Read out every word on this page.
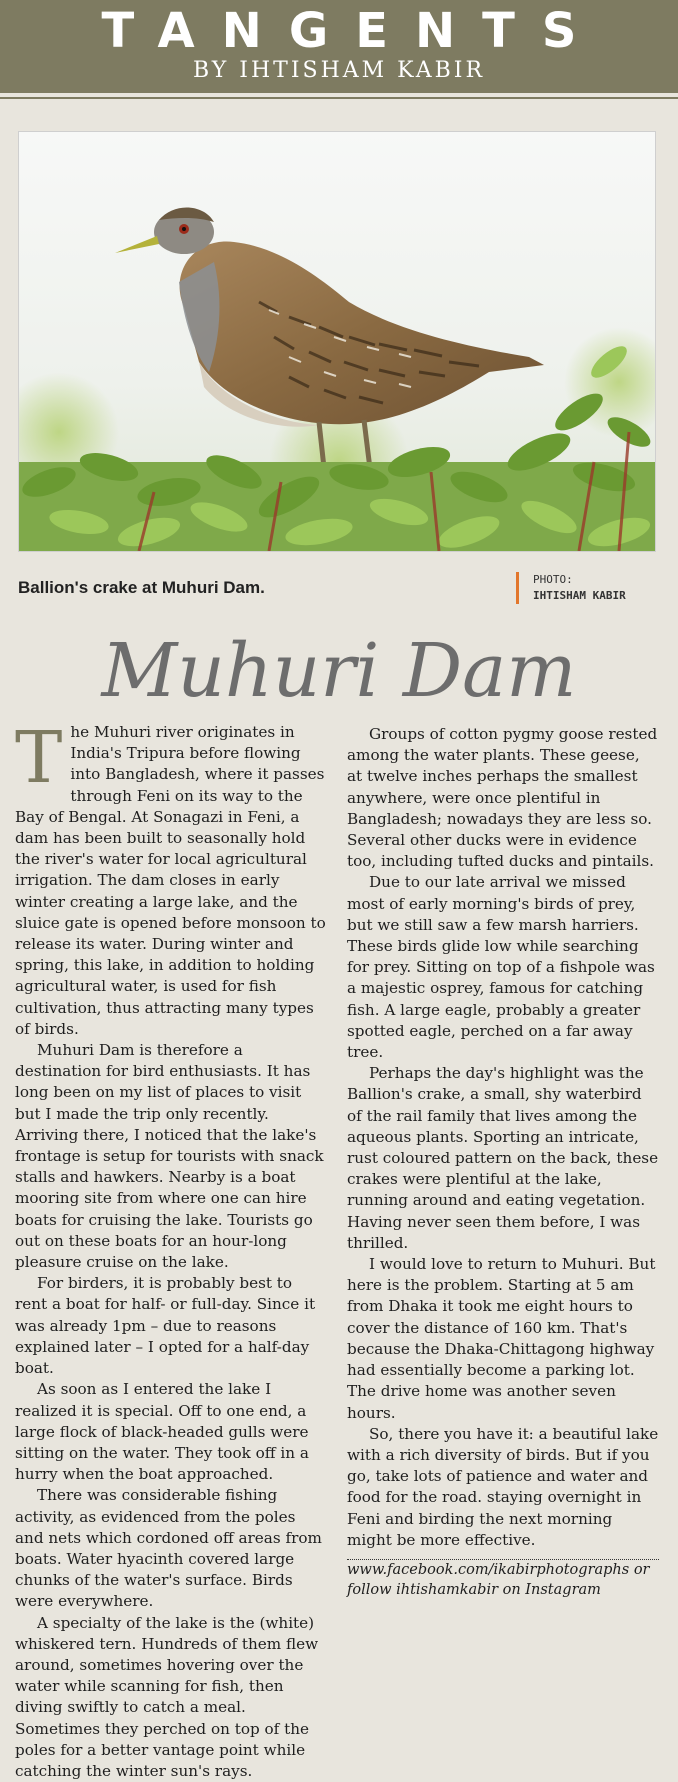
TANGENTS
BY IHTISHAM KABIR
Ballion's crake at Muhuri Dam.	PHOTO:
IHTISHAM KABIR
Muhuri Dam

The Muhuri river originates in India's Tripura before flowing into Bangladesh, where it passes through Feni on its way to the Bay of Bengal. At Sonagazi in Feni, a dam has been built to seasonally hold the river's water for local agricultural irrigation. The dam closes in early winter creating a large lake, and the sluice gate is opened before monsoon to release its water. During winter and spring, this lake, in addition to holding agricultural water, is used for fish cultivation, thus attracting many types of birds.

Muhuri Dam is therefore a destination for bird enthusiasts. It has long been on my list of places to visit but I made the trip only recently. Arriving there, I noticed that the lake's frontage is setup for tourists with snack stalls and hawkers. Nearby is a boat mooring site from where one can hire boats for cruising the lake. Tourists go out on these boats for an hour-long pleasure cruise on the lake.

For birders, it is probably best to rent a boat for half- or full-day. Since it was already 1pm – due to reasons explained later – I opted for a half-day boat.

As soon as I entered the lake I realized it is special. Off to one end, a large flock of black-headed gulls were sitting on the water. They took off in a hurry when the boat approached.

There was considerable fishing activity, as evidenced from the poles and nets which cordoned off areas from boats. Water hyacinth covered large chunks of the water's surface. Birds were everywhere.

A specialty of the lake is the (white) whiskered tern. Hundreds of them flew around, sometimes hovering over the water while scanning for fish, then diving swiftly to catch a meal. Sometimes they perched on top of the poles for a better vantage point while catching the winter sun's rays.

Groups of cotton pygmy goose rested among the water plants. These geese, at twelve inches perhaps the smallest anywhere, were once plentiful in Bangladesh; nowadays they are less so. Several other ducks were in evidence too, including tufted ducks and pintails.

Due to our late arrival we missed most of early morning's birds of prey, but we still saw a few marsh harriers. These birds glide low while searching for prey. Sitting on top of a fishpole was a majestic osprey, famous for catching fish. A large eagle, probably a greater spotted eagle, perched on a far away tree.

Perhaps the day's highlight was the Ballion's crake, a small, shy waterbird of the rail family that lives among the aqueous plants. Sporting an intricate, rust coloured pattern on the back, these crakes were plentiful at the lake, running around and eating vegetation. Having never seen them before, I was thrilled.

I would love to return to Muhuri. But here is the problem. Starting at 5 am from Dhaka it took me eight hours to cover the distance of 160 km. That's because the Dhaka-Chittagong highway had essentially become a parking lot. The drive home was another seven hours.

So, there you have it: a beautiful lake with a rich diversity of birds. But if you go, take lots of patience and water and food for the road. staying overnight in Feni and birding the next morning might be more effective.

www.facebook.com/ikabirphotographs or follow ihtishamkabir on Instagram
